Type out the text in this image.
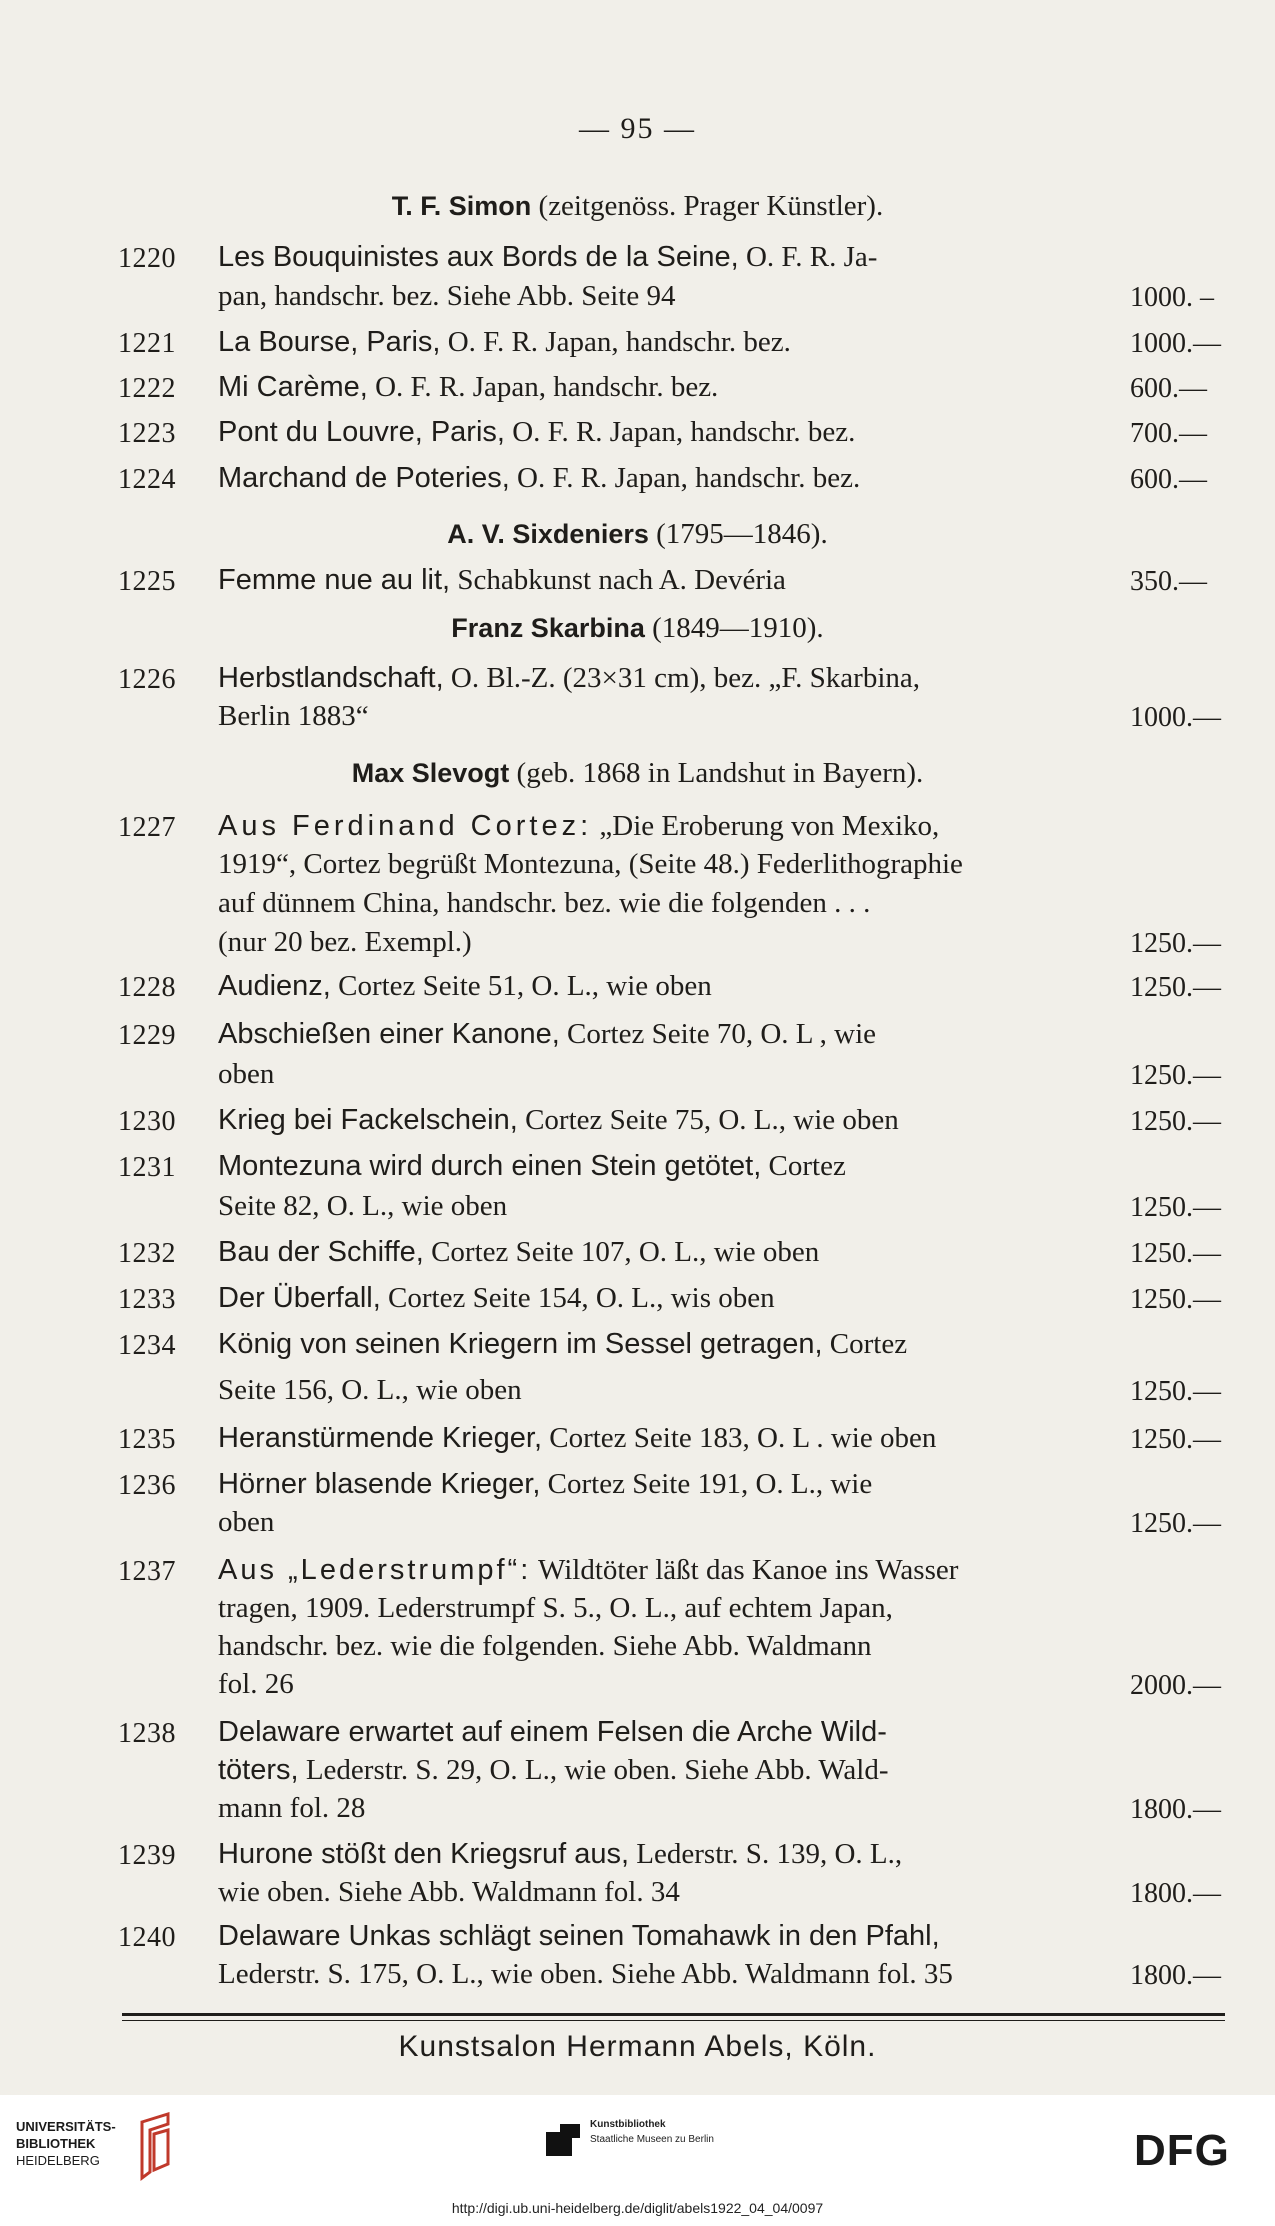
— 95 —
T. F. Simon (zeitgenöss. Prager Künstler).
1220 Les Bouquinistes aux Bords de la Seine, O. F. R. Ja-
pan, handschr. bez. Siehe Abb. Seite 94	1000. –
1221 La Bourse, Paris, O. F. R. Japan, handschr. bez.	1000.—
1222 Mi Carème, O. F. R. Japan, handschr. bez.	600.—
1223 Pont du Louvre, Paris, O. F. R. Japan, handschr. bez.	700.—
1224 Marchand de Poteries, O. F. R. Japan, handschr. bez.	600.—
A. V. Sixdeniers (1795—1846).
1225 Femme nue au lit, Schabkunst nach A. Devéria	350.—
Franz Skarbina (1849—1910).
1226 Herbstlandschaft, O. Bl.-Z. (23×31 cm), bez. „F. Skarbina,
Berlin 1883“	1000.—
Max Slevogt (geb. 1868 in Landshut in Bayern).
1227 Aus Ferdinand Cortez: „Die Eroberung von Mexiko,
1919“, Cortez begrüßt Montezuna, (Seite 48.) Federlithographie
auf dünnem China, handschr. bez. wie die folgenden . . .
(nur 20 bez. Exempl.)	1250.—
1228 Audienz, Cortez Seite 51, O. L., wie oben	1250.—
1229 Abschießen einer Kanone, Cortez Seite 70, O. L , wie
oben	1250.—
1230 Krieg bei Fackelschein, Cortez Seite 75, O. L., wie oben	1250.—
1231 Montezuna wird durch einen Stein getötet, Cortez
Seite 82, O. L., wie oben	1250.—
1232 Bau der Schiffe, Cortez Seite 107, O. L., wie oben	1250.—
1233 Der Überfall, Cortez Seite 154, O. L., wis oben	1250.—
1234 König von seinen Kriegern im Sessel getragen, Cortez
Seite 156, O. L., wie oben	1250.—
1235 Heranstürmende Krieger, Cortez Seite 183, O. L . wie oben	1250.—
1236 Hörner blasende Krieger, Cortez Seite 191, O. L., wie
oben	1250.—
1237 Aus „Lederstrumpf“: Wildtöter läßt das Kanoe ins Wasser
tragen, 1909. Lederstrumpf S. 5., O. L., auf echtem Japan,
handschr. bez. wie die folgenden. Siehe Abb. Waldmann
fol. 26	2000.—
1238 Delaware erwartet auf einem Felsen die Arche Wild-
töters, Lederstr. S. 29, O. L., wie oben. Siehe Abb. Wald-
mann fol. 28	1800.—
1239 Hurone stößt den Kriegsruf aus, Lederstr. S. 139, O. L.,
wie oben. Siehe Abb. Waldmann fol. 34	1800.—
1240 Delaware Unkas schlägt seinen Tomahawk in den Pfahl,
Lederstr. S. 175, O. L., wie oben. Siehe Abb. Waldmann fol. 35	1800.—
Kunstsalon Hermann Abels, Köln.
UNIVERSITÄTS-
BIBLIOTHEK
HEIDELBERG
Kunstbibliothek
Staatliche Museen zu Berlin	DFG
http://digi.ub.uni-heidelberg.de/diglit/abels1922_04_04/0097
